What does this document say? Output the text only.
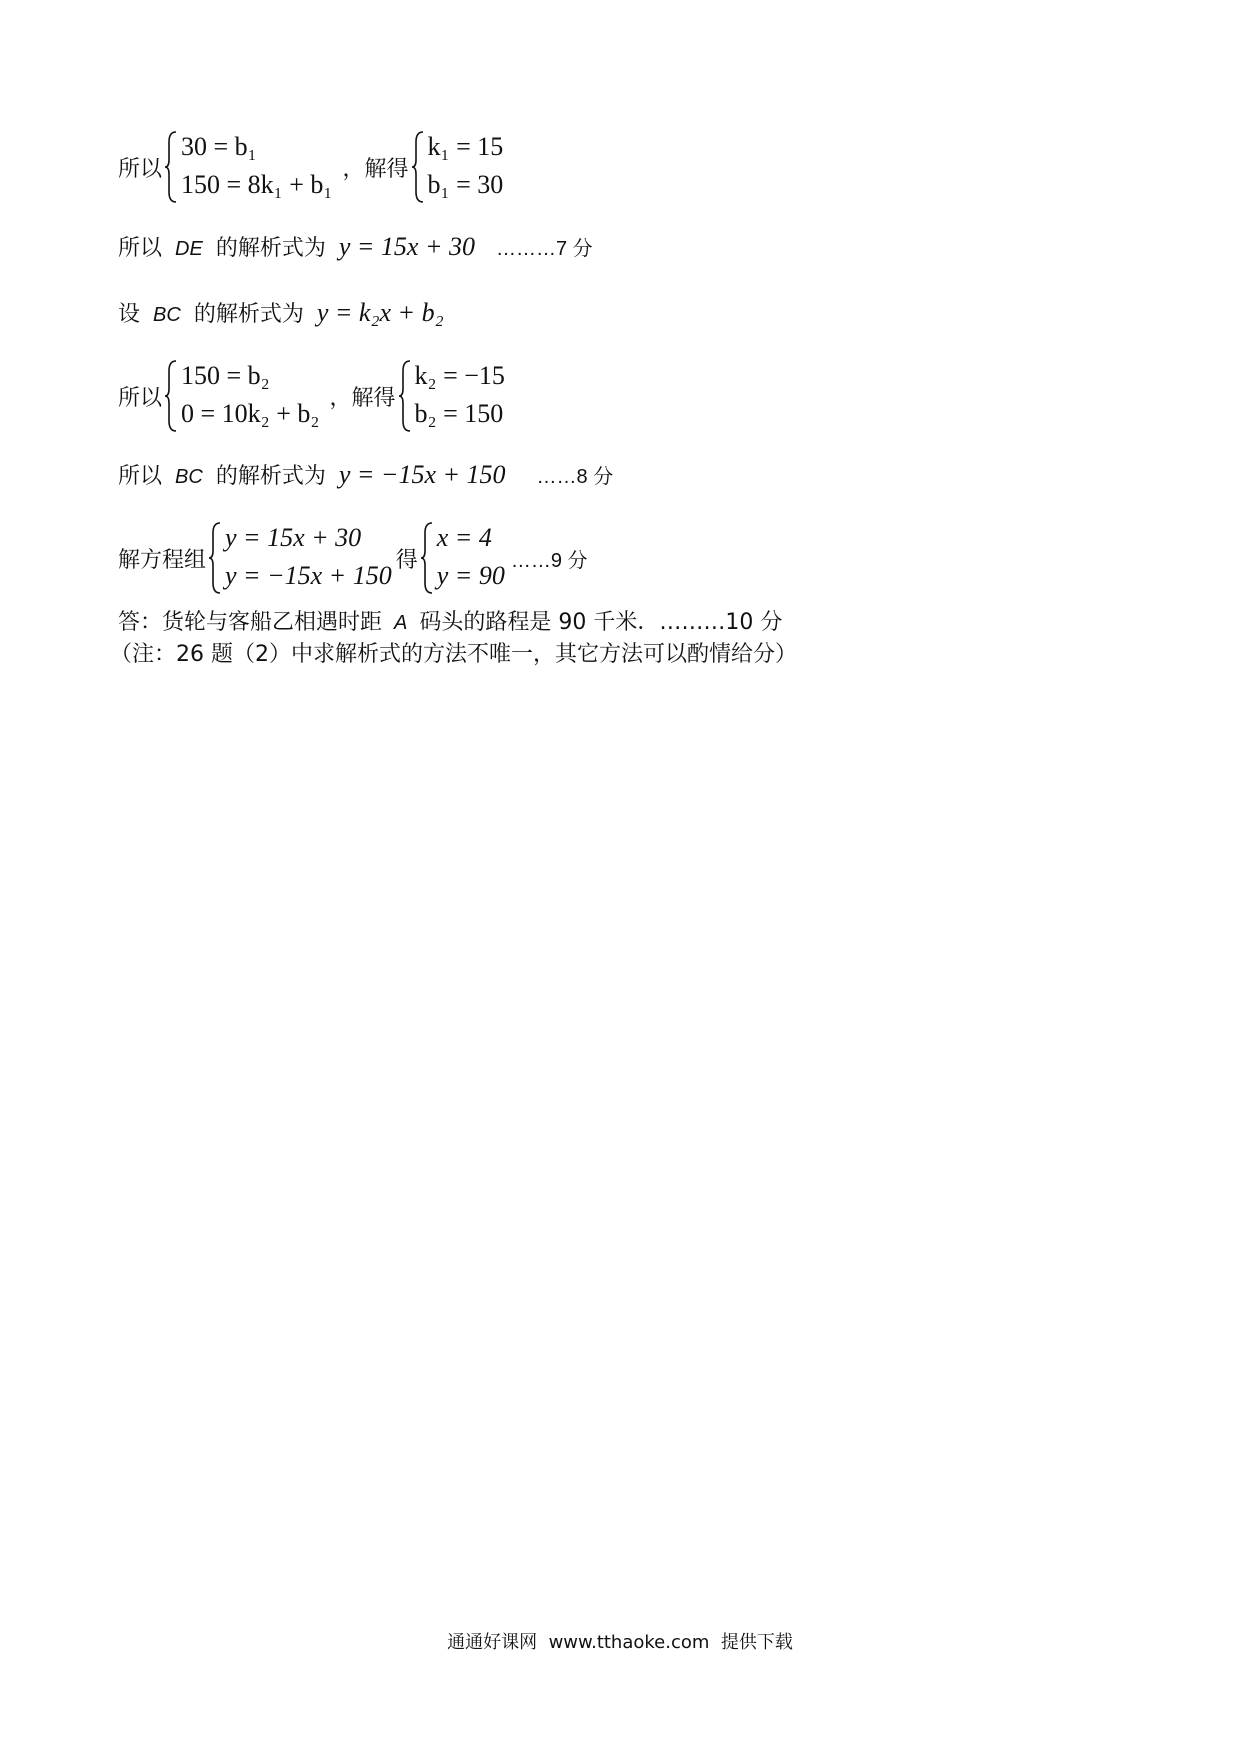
所以
30 = b₁
150 = 8k₁ + b₁
，解得
k₁ = 15
b₁ = 30
所以 DE 的解析式为 y = 15x + 30 ………7 分
设 BC 的解析式为 y = k₂x + b₂
所以
150 = b₂
0 = 10k₂ + b₂
，解得
k₂ = −15
b₂ = 150
所以 BC 的解析式为 y = −15x + 150 ……8 分
解方程组
y = 15x + 30
y = −15x + 150
得
x = 4
y = 90
……9 分
答：货轮与客船乙相遇时距 A 码头的路程是 90 千米．………10 分
（注：26 题（2）中求解析式的方法不唯一，其它方法可以酌情给分）
通通好课网  www.tthaoke.com  提供下载
